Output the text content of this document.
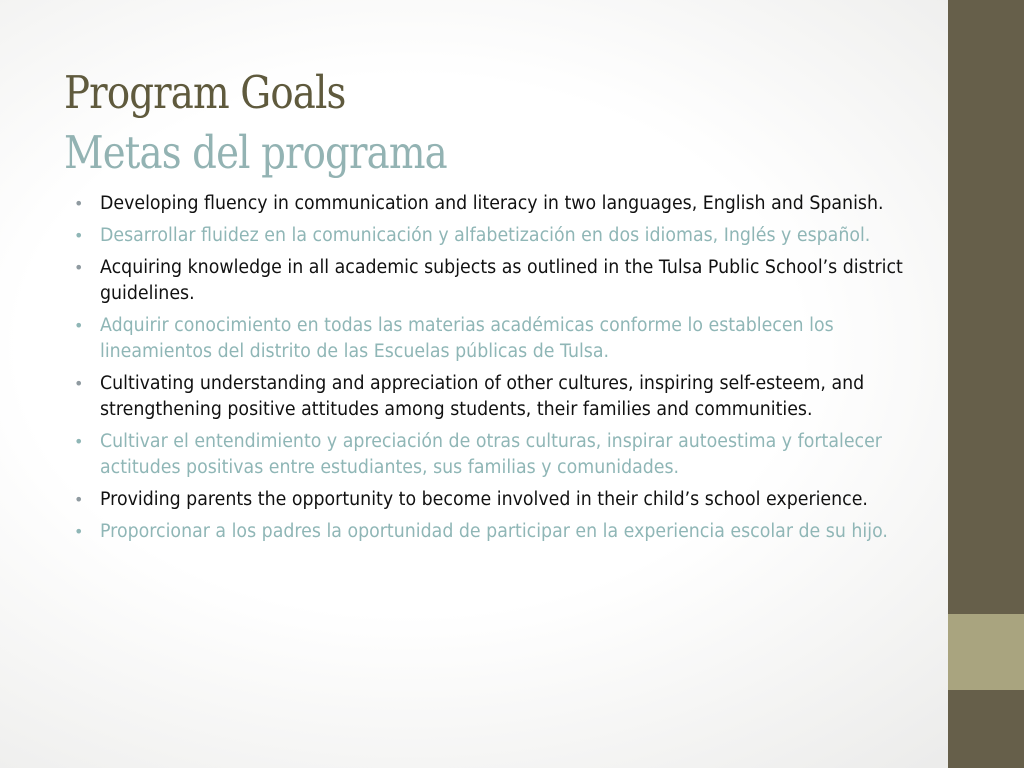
Program Goals
Metas del programa
• Developing fluency in communication and literacy in two languages, English and Spanish.
• Desarrollar fluidez en la comunicación y alfabetización en dos idiomas, Inglés y español.
• Acquiring knowledge in all academic subjects as outlined in the Tulsa Public School’s district guidelines.
• Adquirir conocimiento en todas las materias académicas conforme lo establecen los lineamientos del distrito de las Escuelas públicas de Tulsa.
• Cultivating understanding and appreciation of other cultures, inspiring self-esteem, and strengthening positive attitudes among students, their families and communities.
• Cultivar el entendimiento y apreciación de otras culturas, inspirar autoestima y fortalecer actitudes positivas entre estudiantes, sus familias y comunidades.
• Providing parents the opportunity to become involved in their child’s school experience.
• Proporcionar a los padres la oportunidad de participar en la experiencia escolar de su hijo.
